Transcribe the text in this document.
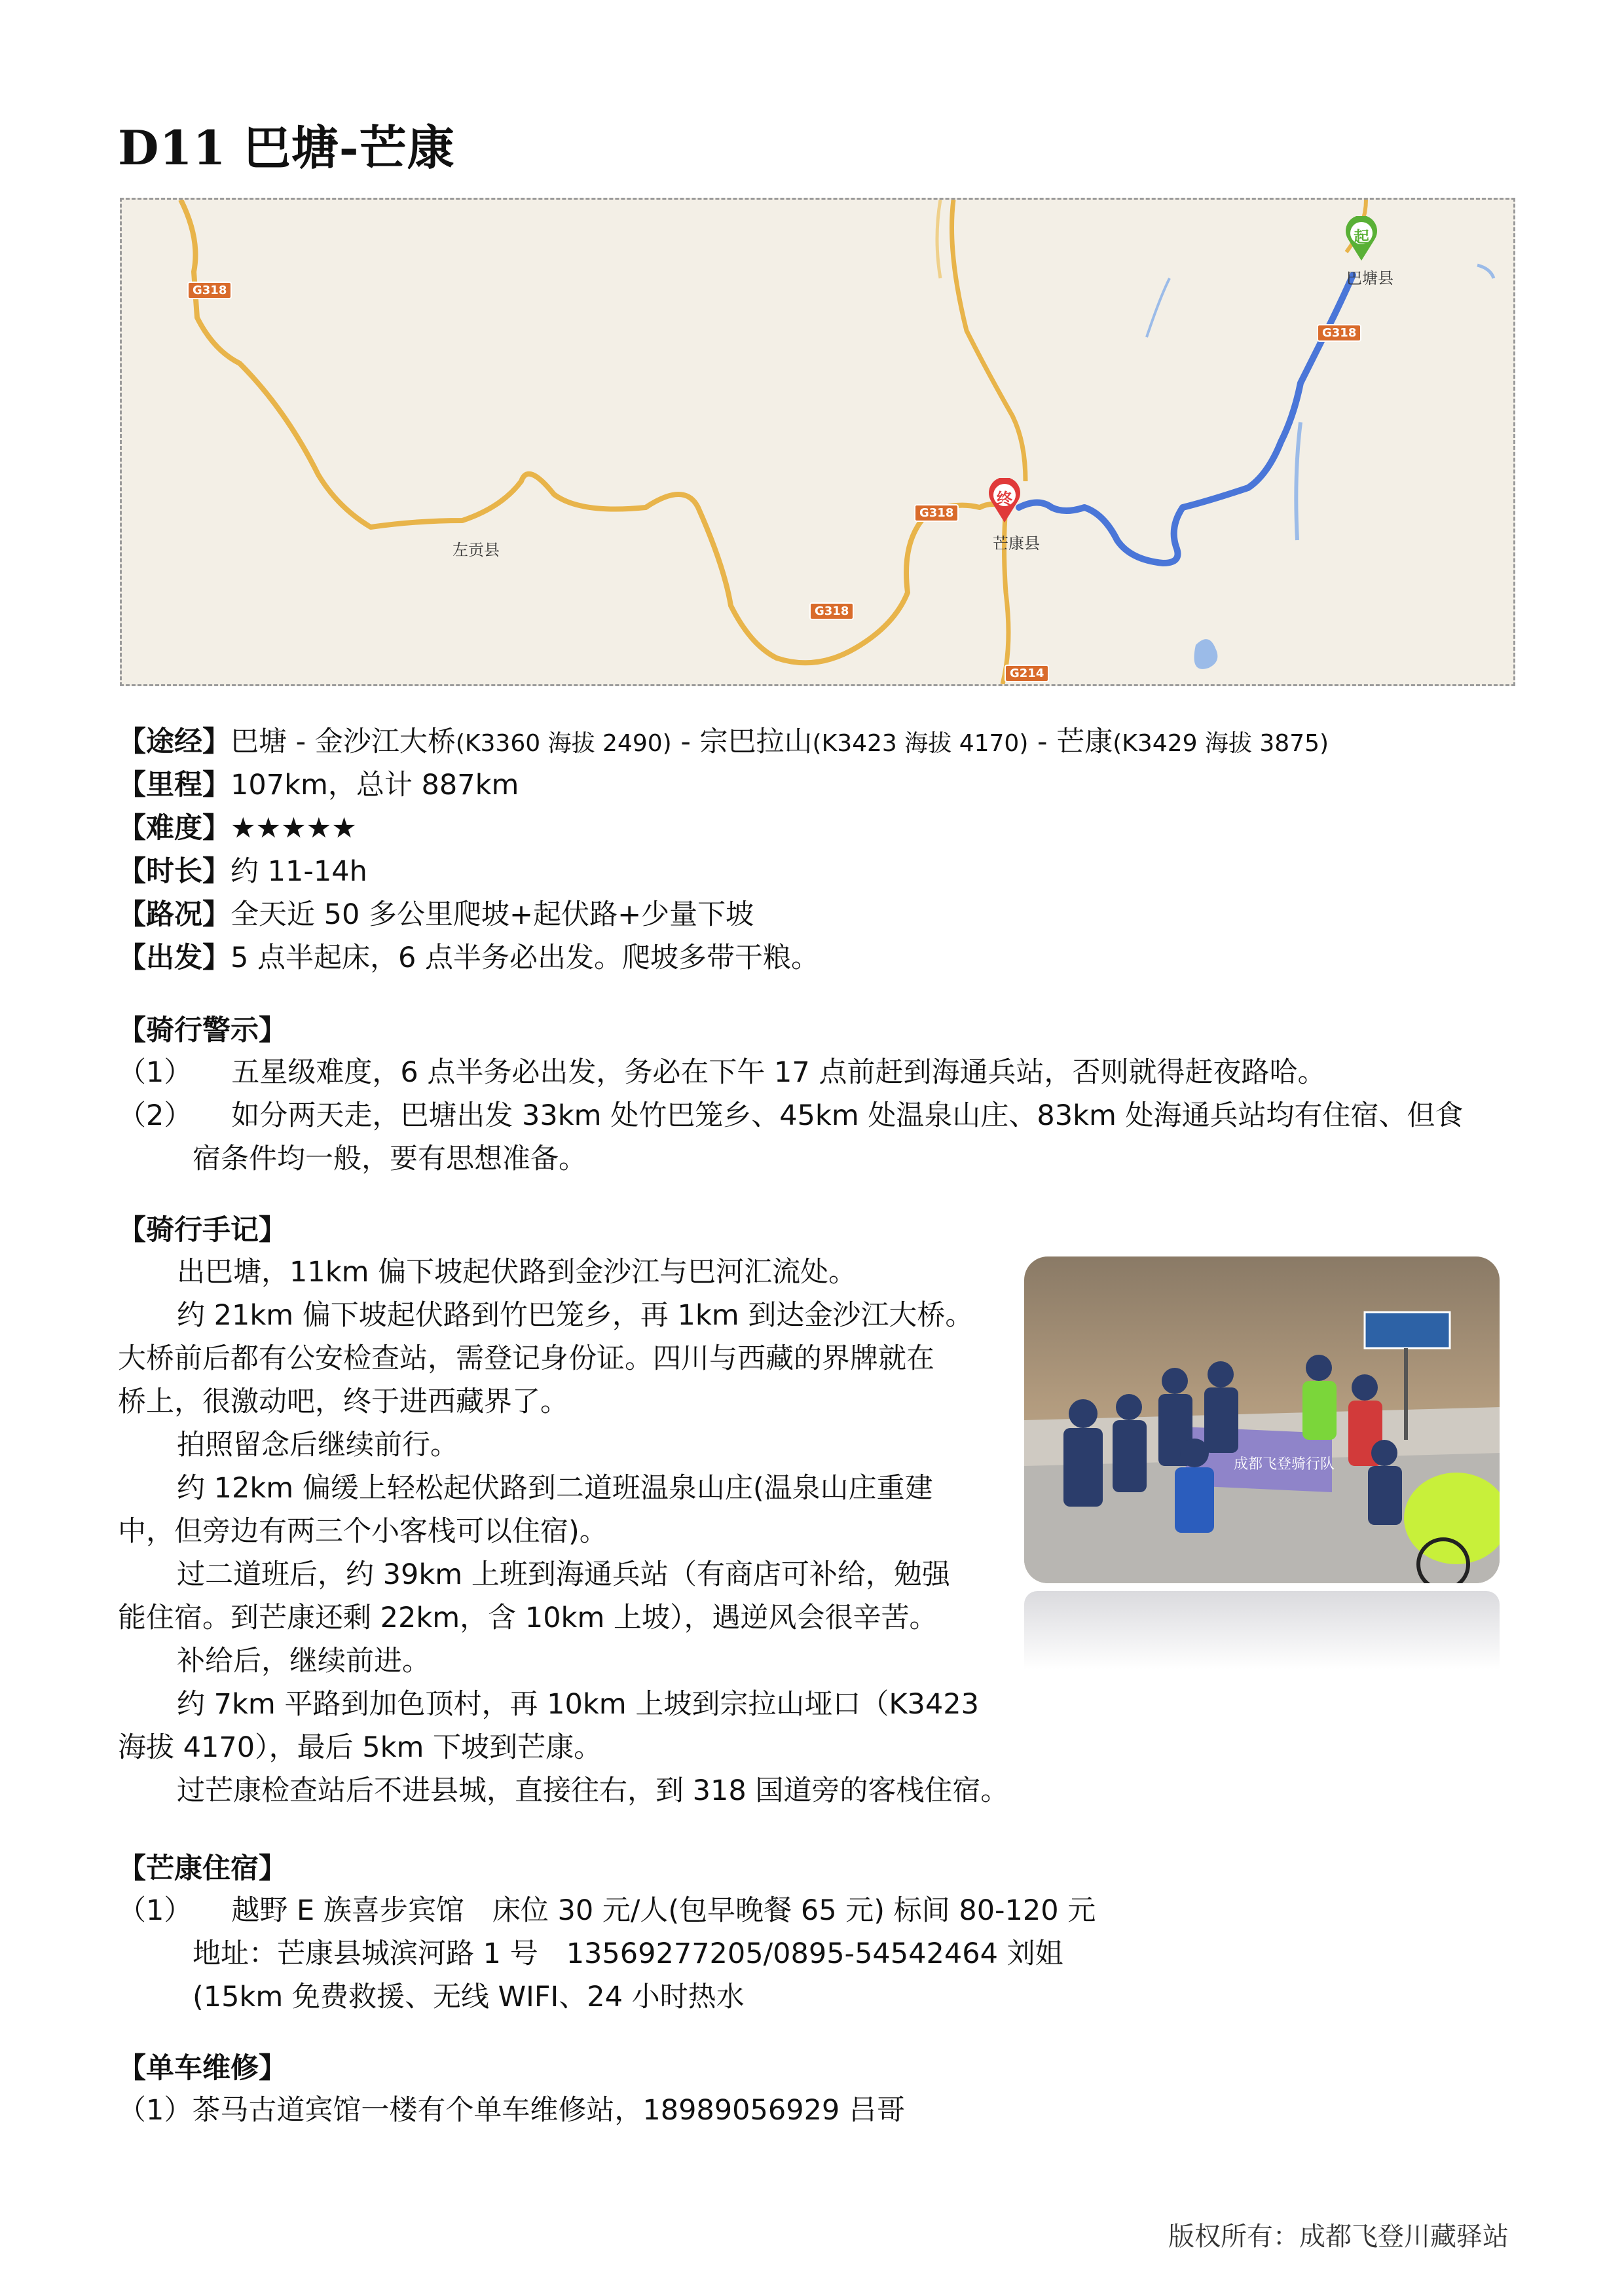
D11 巴塘-芒康
G318
G318
G318
G318
G214
巴塘县
芒康县
左贡县
起
终
【途经】巴塘 - 金沙江大桥(K3360 海拔 2490) - 宗巴拉山(K3423 海拔 4170) - 芒康(K3429 海拔 3875)
【里程】107km，总计 887km
【难度】★★★★★
【时长】约 11-14h
【路况】全天近 50 多公里爬坡+起伏路+少量下坡
【出发】5 点半起床，6 点半务必出发。爬坡多带干粮。
【骑行警示】
（1） 五星级难度，6 点半务必出发，务必在下午 17 点前赶到海通兵站，否则就得赶夜路哈。
（2） 如分两天走，巴塘出发 33km 处竹巴笼乡、45km 处温泉山庄、83km 处海通兵站均有住宿、但食
宿条件均一般，要有思想准备。
【骑行手记】
出巴塘，11km 偏下坡起伏路到金沙江与巴河汇流处。
约 21km 偏下坡起伏路到竹巴笼乡，再 1km 到达金沙江大桥。
大桥前后都有公安检查站，需登记身份证。四川与西藏的界牌就在
桥上，很激动吧，终于进西藏界了。
拍照留念后继续前行。
约 12km 偏缓上轻松起伏路到二道班温泉山庄(温泉山庄重建
中，但旁边有两三个小客栈可以住宿)。
过二道班后，约 39km 上班到海通兵站（有商店可补给，勉强
能住宿。到芒康还剩 22km，含 10km 上坡），遇逆风会很辛苦。
补给后，继续前进。
约 7km 平路到加色顶村，再 10km 上坡到宗拉山垭口（K3423
海拔 4170），最后 5km 下坡到芒康。
过芒康检查站后不进县城，直接往右，到 318 国道旁的客栈住宿。
成都飞登骑行队
【芒康住宿】
（1） 越野 E 族喜步宾馆　床位 30 元/人(包早晚餐 65 元) 标间 80-120 元
地址：芒康县城滨河路 1 号　13569277205/0895-54542464 刘姐
(15km 免费救援、无线 WIFI、24 小时热水
【单车维修】
（1）茶马古道宾馆一楼有个单车维修站，18989056929 吕哥
版权所有：成都飞登川藏驿站
